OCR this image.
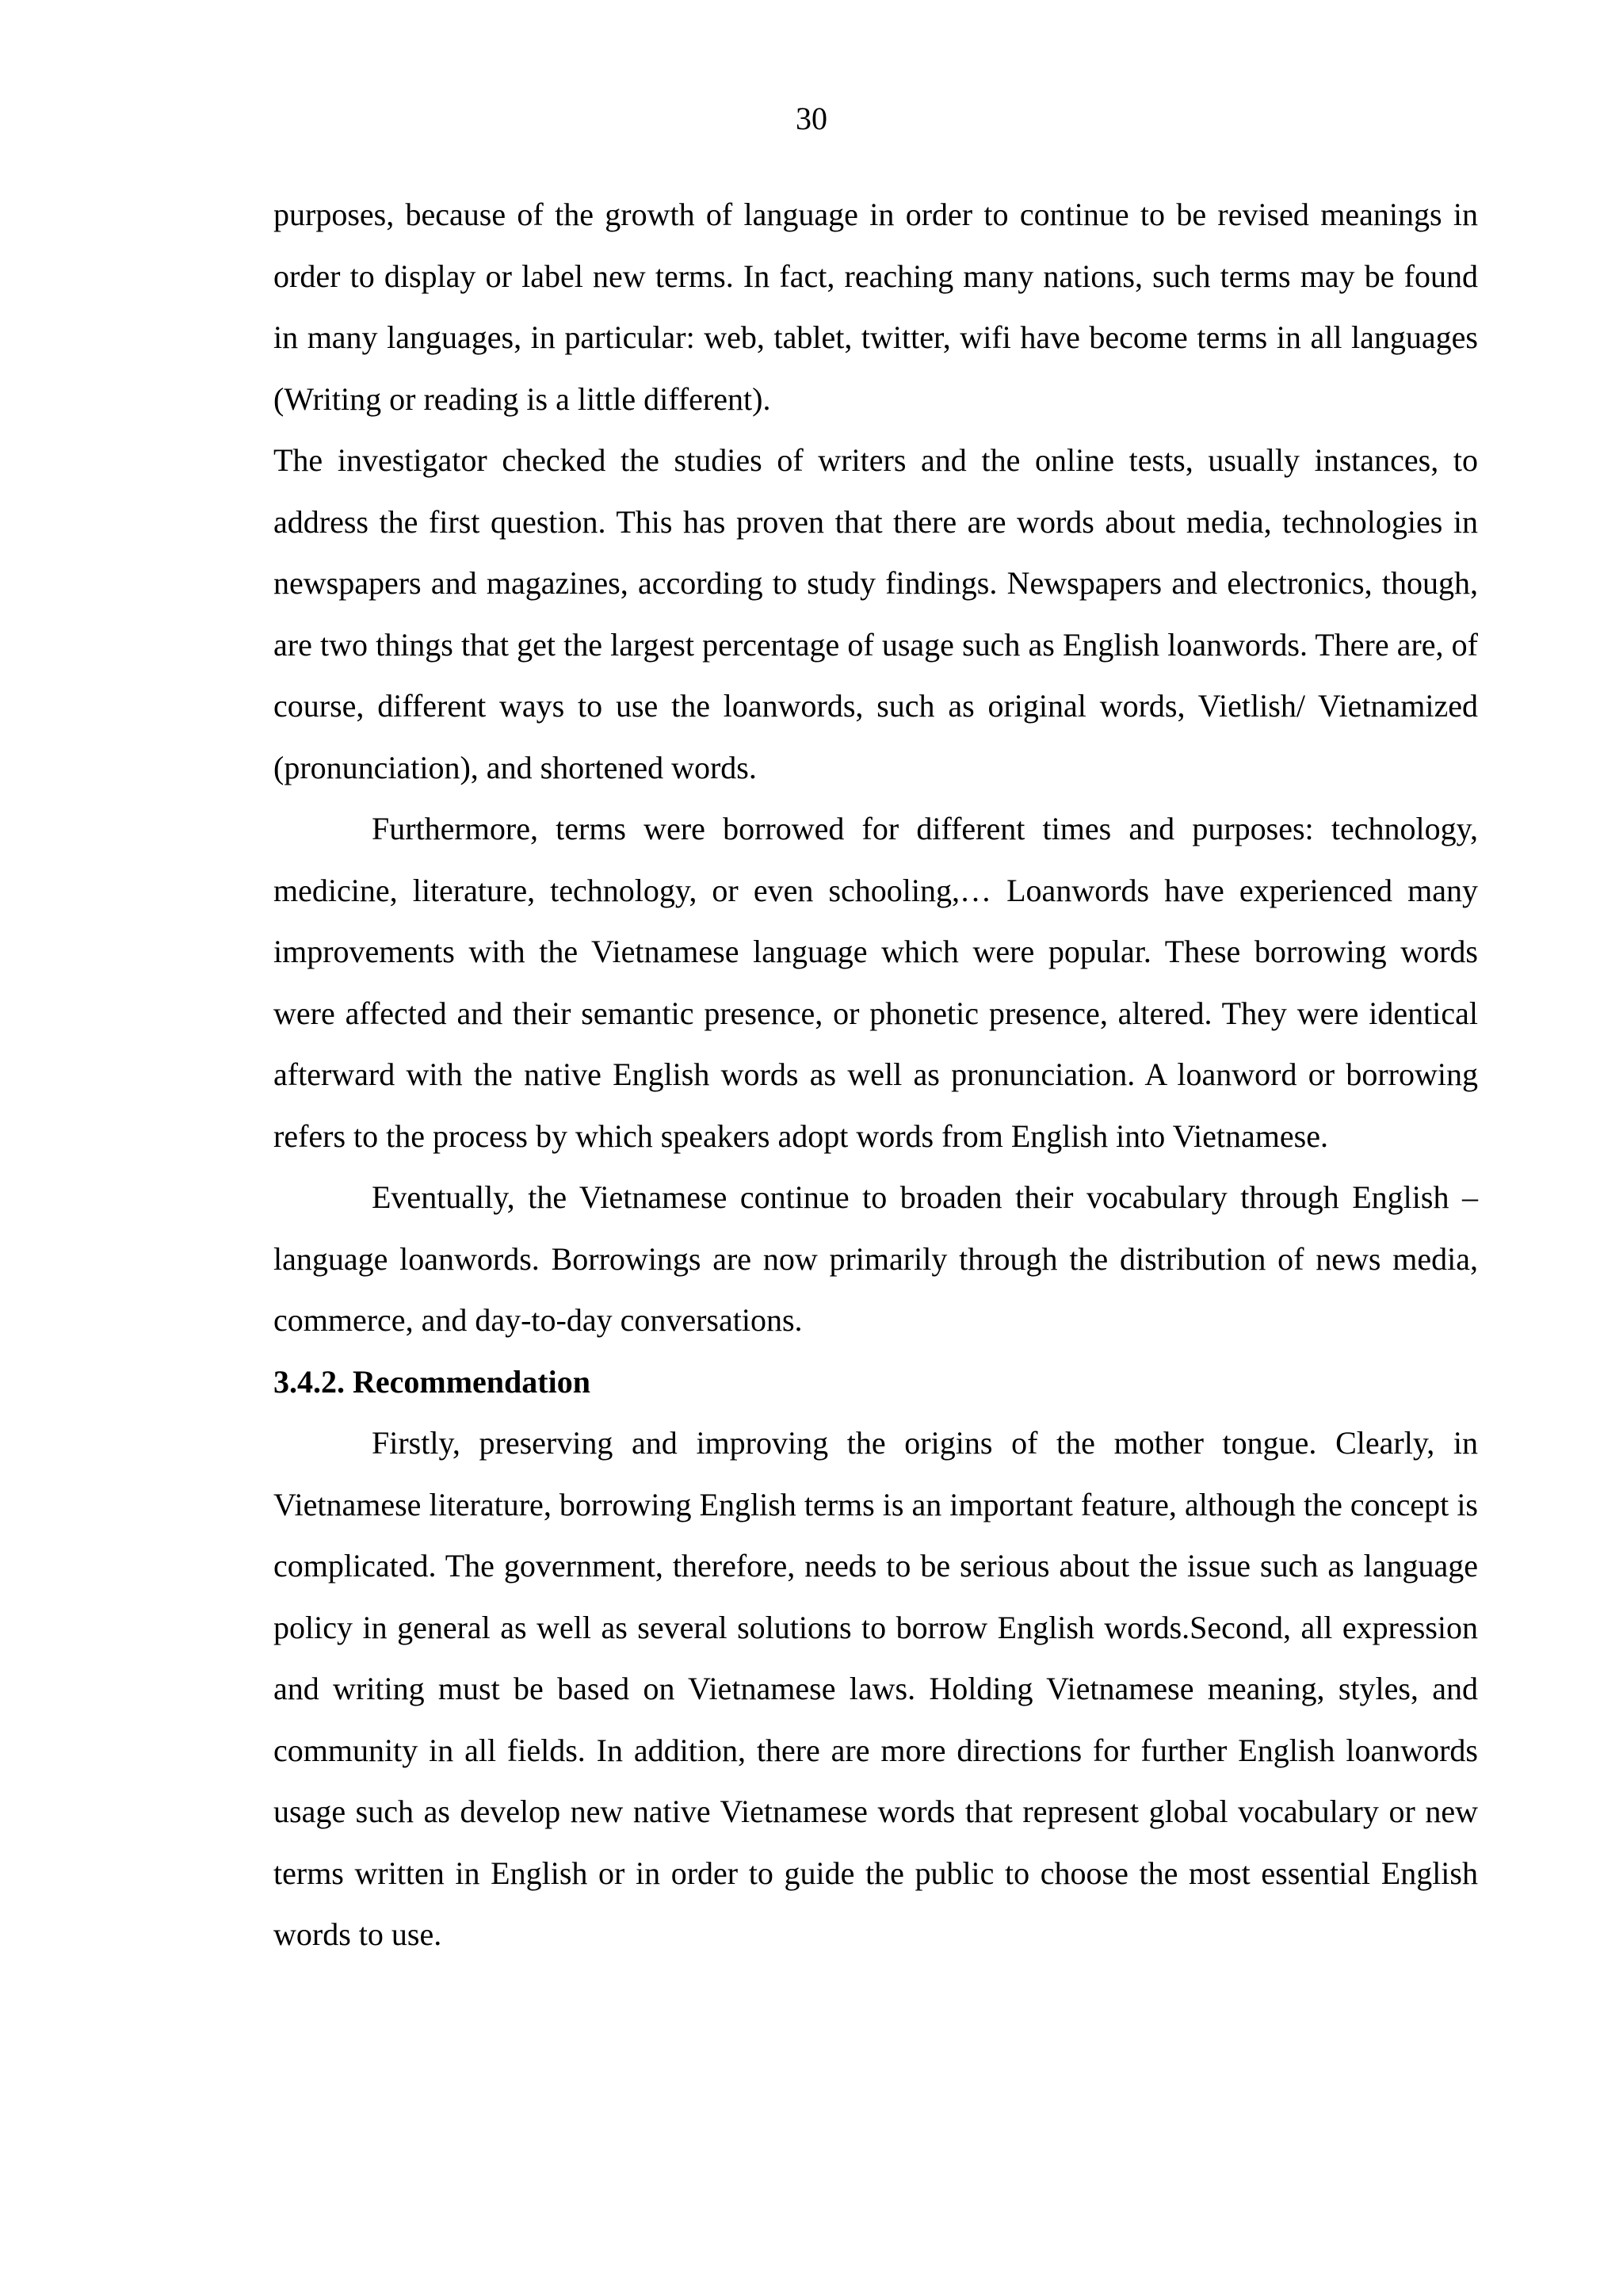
30

purposes, because of the growth of language in order to continue to be revised meanings in order to display or label new terms. In fact, reaching many nations, such terms may be found in many languages, in particular: web, tablet, twitter, wifi have become terms in all languages (Writing or reading is a little different).

The investigator checked the studies of writers and the online tests, usually instances, to address the first question. This has proven that there are words about media, technologies in newspapers and magazines, according to study findings. Newspapers and electronics, though, are two things that get the largest percentage of usage such as English loanwords. There are, of course, different ways to use the loanwords, such as original words, Vietlish/ Vietnamized (pronunciation), and shortened words.

Furthermore, terms were borrowed for different times and purposes: technology, medicine, literature, technology, or even schooling,… Loanwords have experienced many improvements with the Vietnamese language which were popular. These borrowing words were affected and their semantic presence, or phonetic presence, altered. They were identical afterward with the native English words as well as pronunciation. A loanword or borrowing refers to the process by which speakers adopt words from English into Vietnamese.

Eventually, the Vietnamese continue to broaden their vocabulary through English – language loanwords. Borrowings are now primarily through the distribution of news media, commerce, and day-to-day conversations.

3.4.2. Recommendation

Firstly, preserving and improving the origins of the mother tongue. Clearly, in Vietnamese literature, borrowing English terms is an important feature, although the concept is complicated. The government, therefore, needs to be serious about the issue such as language policy in general as well as several solutions to borrow English words.Second, all expression and writing must be based on Vietnamese laws. Holding Vietnamese meaning, styles, and community in all fields. In addition, there are more directions for further English loanwords usage such as develop new native Vietnamese words that represent global vocabulary or new terms written in English or in order to guide the public to choose the most essential English words to use.
